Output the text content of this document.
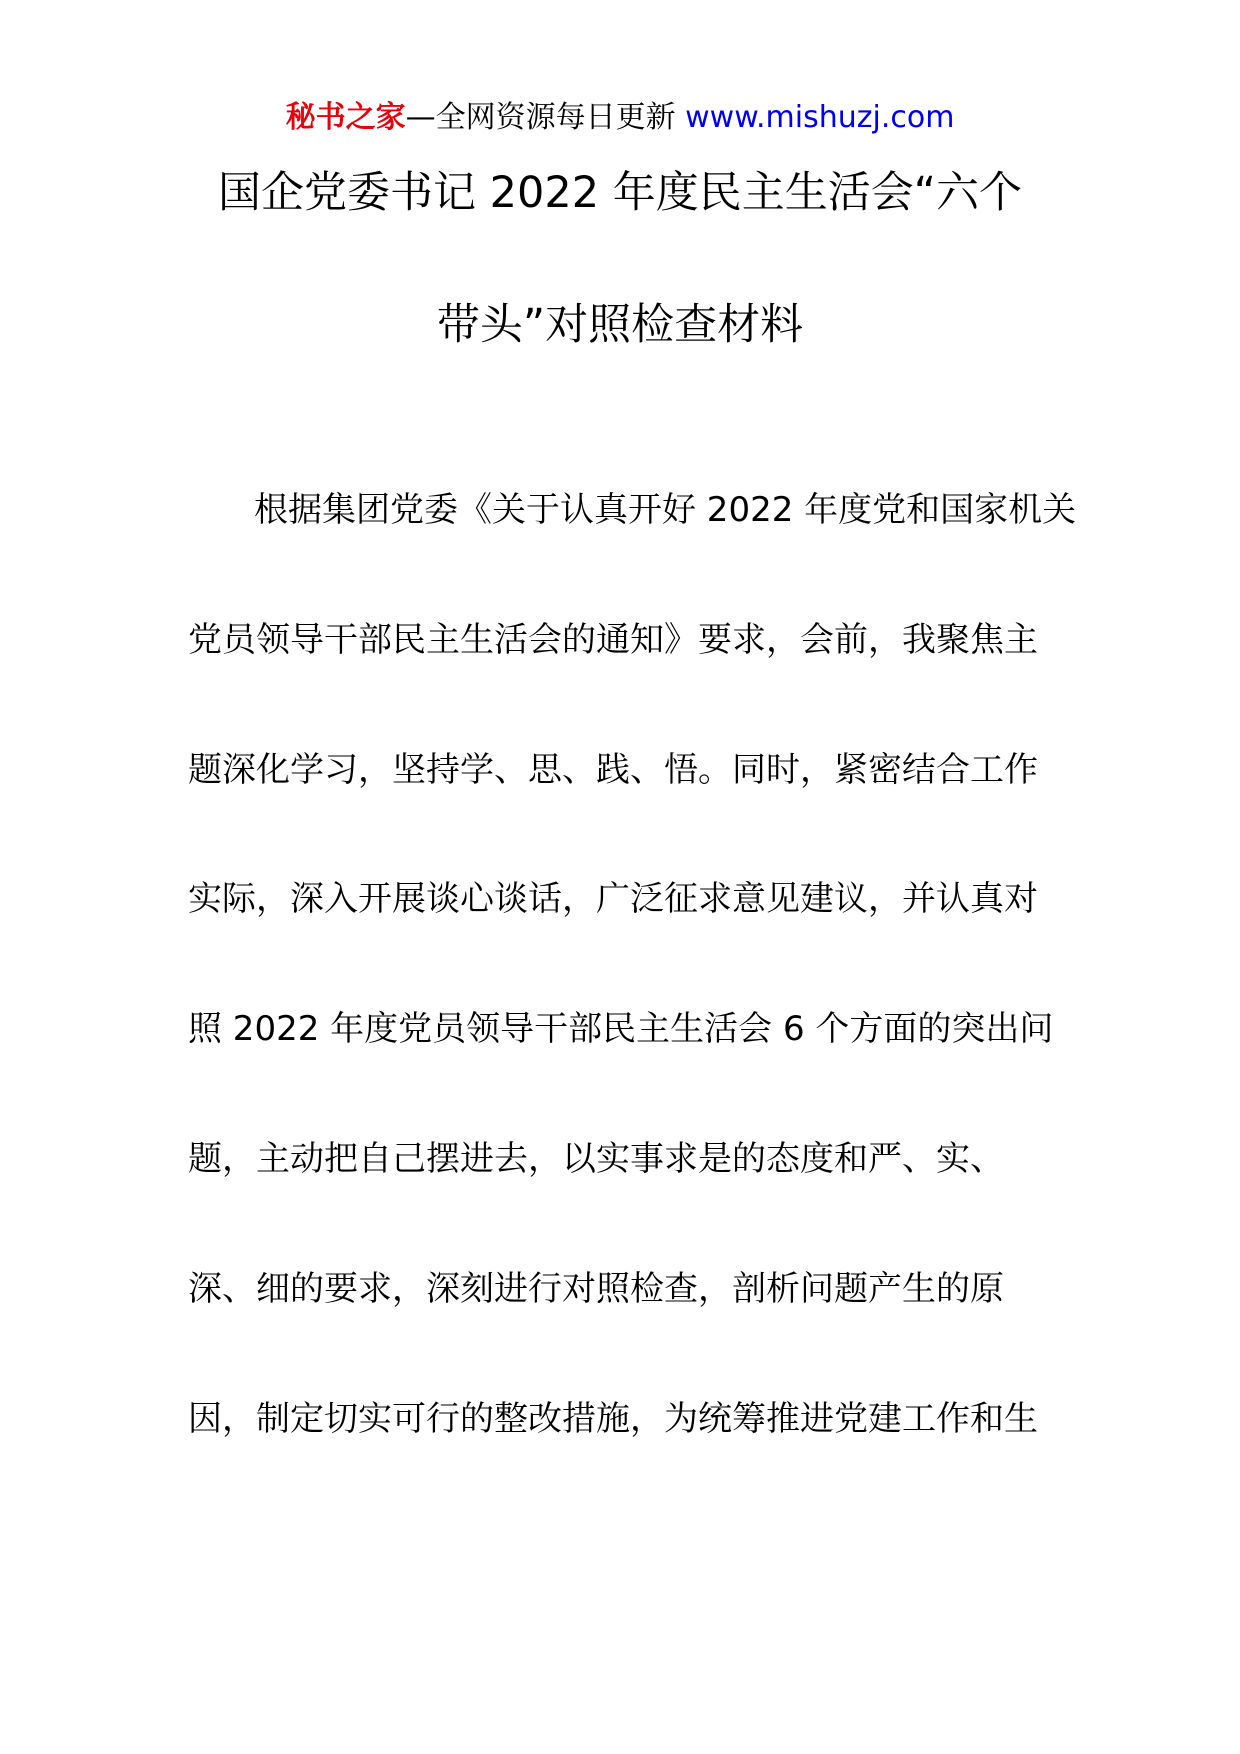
秘书之家—全网资源每日更新 www.mishuzj.com
国企党委书记 2022 年度民主生活会“六个
带头”对照检查材料

根据集团党委《关于认真开好 2022 年度党和国家机关

党员领导干部民主生活会的通知》要求，会前，我聚焦主

题深化学习，坚持学、思、践、悟。同时，紧密结合工作

实际，深入开展谈心谈话，广泛征求意见建议，并认真对

照 2022 年度党员领导干部民主生活会 6 个方面的突出问

题，主动把自己摆进去，以实事求是的态度和严、实、

深、细的要求，深刻进行对照检查，剖析问题产生的原

因，制定切实可行的整改措施，为统筹推进党建工作和生
